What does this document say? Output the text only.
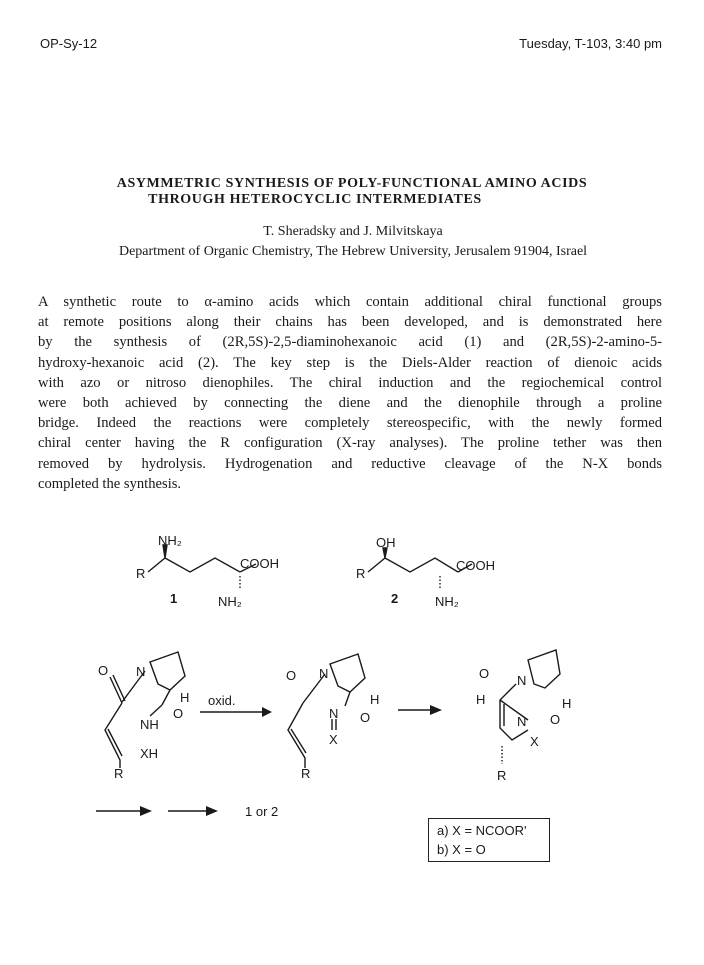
OP-Sy-12	Tuesday, T-103, 3:40 pm
ASYMMETRIC SYNTHESIS OF POLY-FUNCTIONAL AMINO ACIDS
THROUGH HETEROCYCLIC INTERMEDIATES
T. Sheradsky and J. Milvitskaya
Department of Organic Chemistry, The Hebrew University, Jerusalem 91904, Israel
A synthetic route to α-amino acids which contain additional chiral functional groups
at remote positions along their chains has been developed, and is demonstrated here
by the synthesis of (2R,5S)-2,5-diaminohexanoic acid (1) and (2R,5S)-2-amino-5-
hydroxy-hexanoic acid (2). The key step is the Diels-Alder reaction of dienoic acids
with azo or nitroso dienophiles. The chiral induction and the regiochemical control
were both achieved by connecting the diene and the dienophile through a proline
bridge. Indeed the reactions were completely stereospecific, with the newly formed
chiral center having the R configuration (X-ray analyses). The proline tether was then
removed by hydrolysis. Hydrogenation and reductive cleavage of the N-X bonds
completed the synthesis.
NH₂
R
COOH
1	NH₂
OH
R
COOH
2	NH₂
O N
H
O
NH
XH
R
oxid.
O N
H
O
N
X
R
O N
H	H
O
N
X
R
1 or 2
a) X = NCOOR'
b) X = O
